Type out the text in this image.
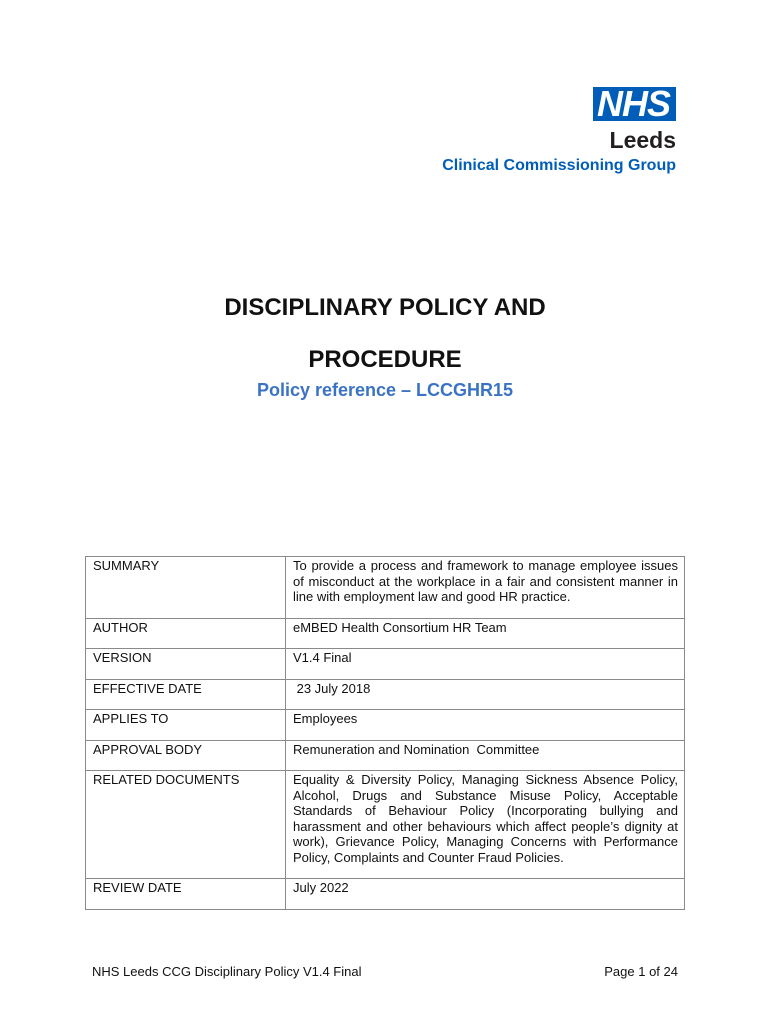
NHS
Leeds
Clinical Commissioning Group
DISCIPLINARY POLICY AND
PROCEDURE
Policy reference – LCCGHR15
SUMMARY	To provide a process and framework to manage employee issues of misconduct at the workplace in a fair and consistent manner in line with employment law and good HR practice.
AUTHOR	eMBED Health Consortium HR Team
VERSION	V1.4 Final
EFFECTIVE DATE	23 July 2018
APPLIES TO	Employees
APPROVAL BODY	Remuneration and Nomination  Committee
RELATED DOCUMENTS	Equality & Diversity Policy, Managing Sickness Absence Policy, Alcohol, Drugs and Substance Misuse Policy, Acceptable Standards of Behaviour Policy (Incorporating bullying and harassment and other behaviours which affect people’s dignity at work), Grievance Policy, Managing Concerns with Performance Policy, Complaints and Counter Fraud Policies.
REVIEW DATE	July 2022
NHS Leeds CCG Disciplinary Policy V1.4 Final	Page 1 of 24
